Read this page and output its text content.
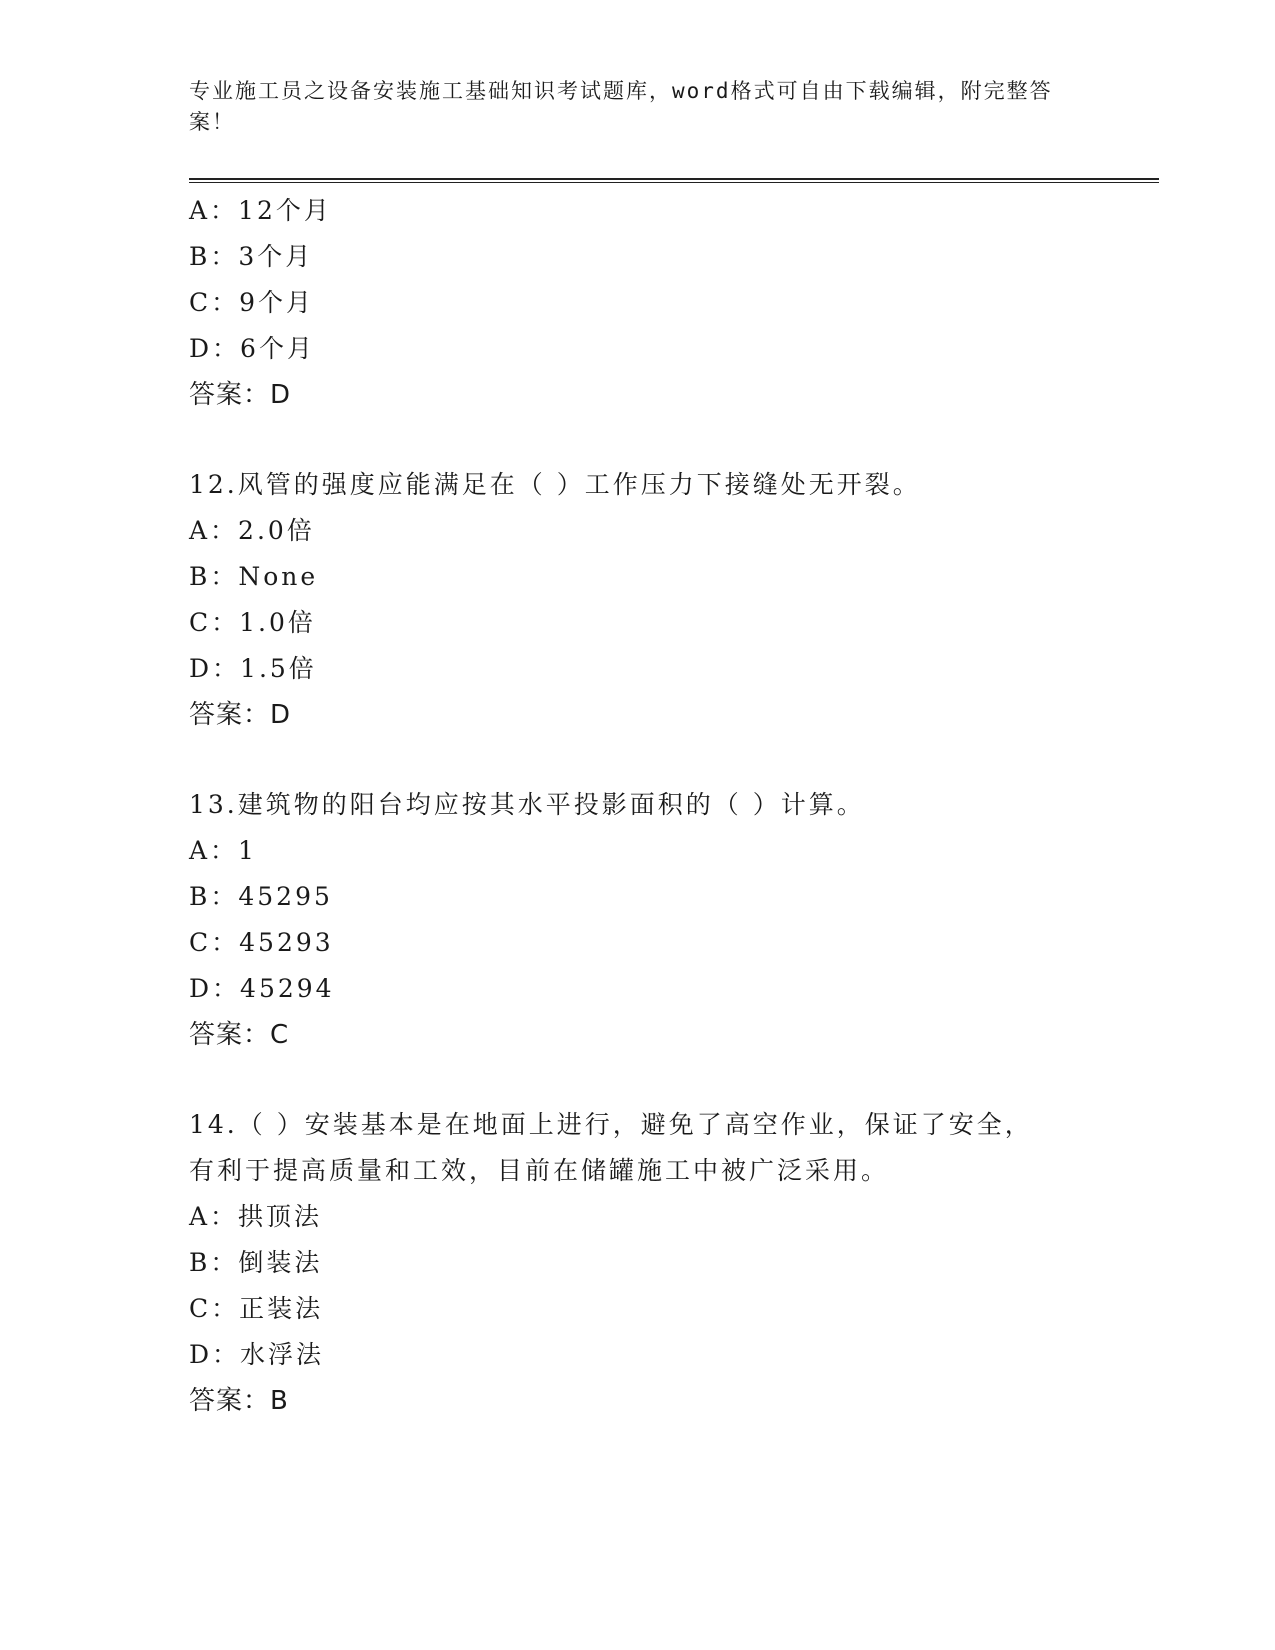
专业施工员之设备安装施工基础知识考试题库，word格式可自由下载编辑，附完整答案！
A：12个月
B：3个月
C：9个月
D：6个月
答案：D
12.风管的强度应能满足在（ ）工作压力下接缝处无开裂。
A：2.0倍
B：None
C：1.0倍
D：1.5倍
答案：D
13.建筑物的阳台均应按其水平投影面积的（ ）计算。
A：1
B：45295
C：45293
D：45294
答案：C
14.（ ）安装基本是在地面上进行，避免了高空作业，保证了安全，
有利于提高质量和工效，目前在储罐施工中被广泛采用。
A：拱顶法
B：倒装法
C：正装法
D：水浮法
答案：B
